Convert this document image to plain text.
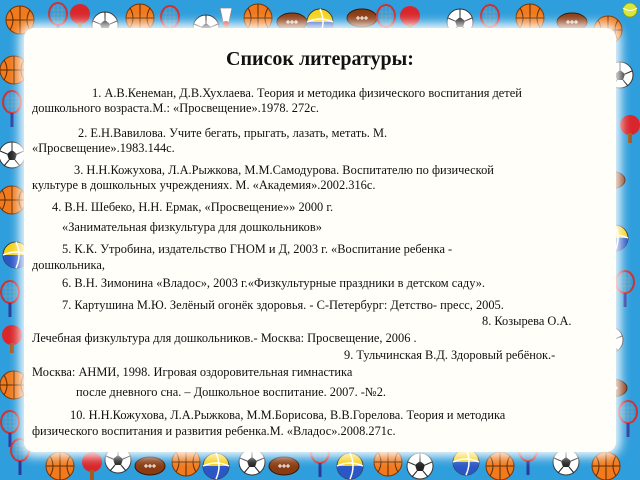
Список литературы:
1. А.В.Кенеман, Д.В.Хухлаева. Теория и методика физического воспитания детей
дошкольного возраста.М.: «Просвещение».1978. 272с.
2. Е.Н.Вавилова. Учите бегать, прыгать, лазать, метать. М.
«Просвещение».1983.144с.
3. Н.Н.Кожухова, Л.А.Рыжкова, М.М.Самодурова. Воспитателю по физической
культуре в дошкольных учреждениях. М. «Академия».2002.316с.
4. В.Н. Шебеко, Н.Н. Ермак, «Просвещение»» 2000 г.
«Занимательная физкультура для дошкольников»
5. К.К. Утробина, издательство ГНОМ и Д, 2003 г. «Воспитание ребенка -
дошкольника,
6. В.Н. Зимонина «Владос», 2003 г.«Физкультурные праздники в детском саду».
7. Картушина М.Ю. Зелёный огонёк здоровья. - С-Петербург: Детство- пресс, 2005.
8. Козырева О.А.
Лечебная физкультура для дошкольников.- Москва: Просвещение, 2006 .
9. Тульчинская В.Д. Здоровый ребёнок.-
Москва: АНМИ, 1998. Игровая оздоровительная гимнастика
после дневного сна. – Дошкольное воспитание. 2007. -№2.
10. Н.Н.Кожухова, Л.А.Рыжкова, М.М.Борисова, В.В.Горелова. Теория и методика
физического воспитания и развития ребенка.М. «Владос».2008.271с.
